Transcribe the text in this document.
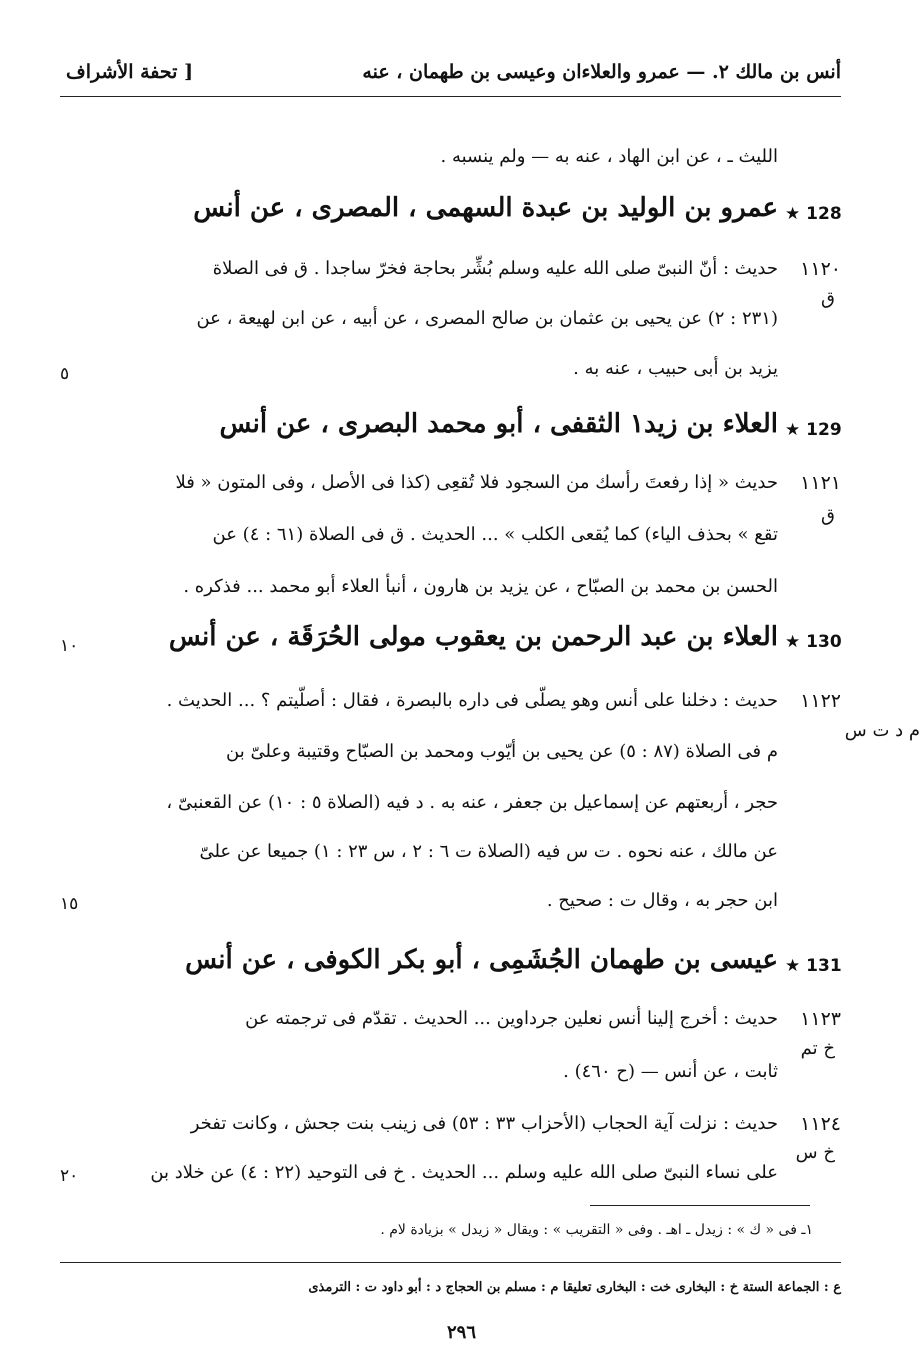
أنس بن مالك ٢. — عمرو والعلاءان وعيسى بن طهمان ، عنه
[ تحفة الأشراف
الليث ـ ، عن ابن الهاد ، عنه به — ولم ينسبه .
★ 128
عمرو بن الوليد بن عبدة السهمى ، المصرى ، عن أنس
١١٢٠
ق
حديث : أنّ النبىّ صلى الله عليه وسلم بُشِّر بحاجة فخرّ ساجدا . ق فى الصلاة
(٢٣١ : ٢) عن يحيى بن عثمان بن صالح المصرى ، عن أبيه ، عن ابن لهيعة ، عن
يزيد بن أبى حبيب ، عنه به .
٥
★ 129
العلاء بن زيد١ الثقفى ، أبو محمد البصرى ، عن أنس
١١٢١
ق
حديث « إذا رفعتَ رأسك من السجود فلا تُقعِى (كذا فى الأصل ، وفى المتون « فلا
تقع » بحذف الياء) كما يُقعى الكلب » ... الحديث . ق فى الصلاة (٦١ : ٤) عن
الحسن بن محمد بن الصبّاح ، عن يزيد بن هارون ، أنبأ العلاء أبو محمد ... فذكره .
★ 130
العلاء بن عبد الرحمن بن يعقوب مولى الحُرَقَة ، عن أنس
١٠
١١٢٢
م د ت س
حديث : دخلنا على أنس وهو يصلّى فى داره بالبصرة ، فقال : أصلّيتم ؟ ... الحديث .
م فى الصلاة (٨٧ : ٥) عن يحيى بن أيّوب ومحمد بن الصبّاح وقتيبة وعلىّ بن
حجر ، أربعتهم عن إسماعيل بن جعفر ، عنه به . د فيه (الصلاة ٥ : ١٠) عن القعنبىّ ،
عن مالك ، عنه نحوه . ت س فيه (الصلاة ت ٦ : ٢ ، س ٢٣ : ١) جميعا عن علىّ
ابن حجر به ، وقال ت : صحيح .
١٥
★ 131
عيسى بن طهمان الجُشَمِى ، أبو بكر الكوفى ، عن أنس
١١٢٣
خ تم
حديث : أخرج إلينا أنس نعلين جرداوين ... الحديث . تقدّم فى ترجمته عن
ثابت ، عن أنس — (ح ٤٦٠) .
١١٢٤
خ س
حديث : نزلت آية الحجاب (الأحزاب ٣٣ : ٥٣) فى زينب بنت جحش ، وكانت تفخر
على نساء النبىّ صلى الله عليه وسلم ... الحديث . خ فى التوحيد (٢٢ : ٤) عن خلاد بن
٢٠
١ـ فى « ك » : زيدل ـ اهـ . وفى « التقريب » : ويقال « زيدل » بزيادة لام .
ع : الجماعة الستة خ : البخارى خت : البخارى تعليقا م : مسلم بن الحجاج د : أبو داود ت : الترمذى
٢٩٦
